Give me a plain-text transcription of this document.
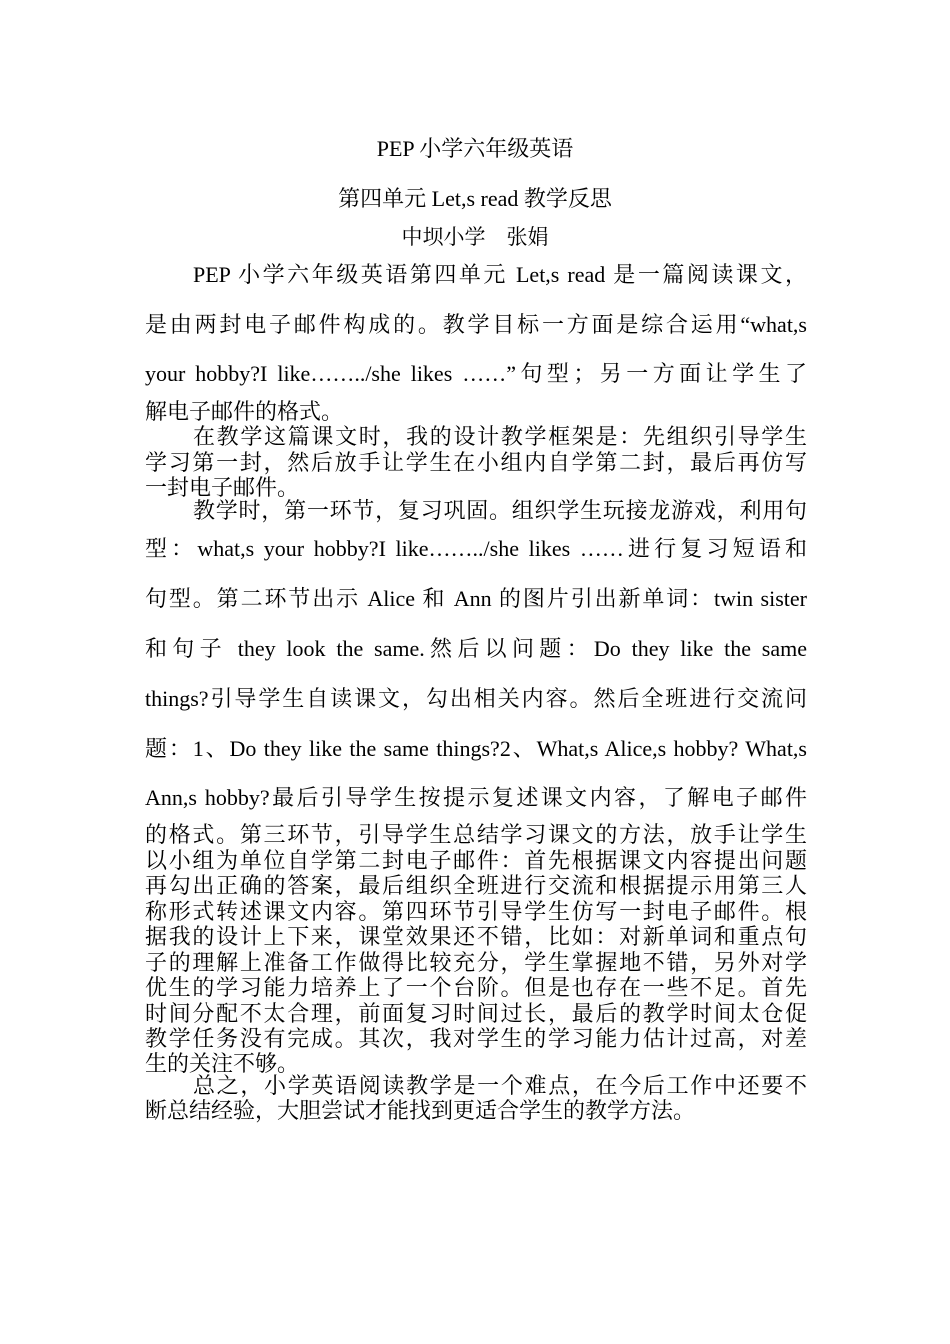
PEP 小学六年级英语
第四单元 Let,s read 教学反思
中坝小学　张娟
PEP 小学六年级英语第四单元 Let,s read 是一篇阅读课文，
是由两封电子邮件构成的。教学目标一方面是综合运用“what,s
your hobby?I like……../she likes ……”句型；另一方面让学生了
解电子邮件的格式。
在教学这篇课文时，我的设计教学框架是：先组织引导学生
学习第一封，然后放手让学生在小组内自学第二封，最后再仿写
一封电子邮件。
教学时，第一环节，复习巩固。组织学生玩接龙游戏，利用句
型：what,s your hobby?I like……../she likes ……进行复习短语和
句型。第二环节出示 Alice 和 Ann 的图片引出新单词：twin sister
和句子 they look the same.然后以问题：Do they like the same
things?引导学生自读课文，勾出相关内容。然后全班进行交流问
题：1、Do they like the same things?2、What,s Alice,s hobby? What,s
Ann,s hobby?最后引导学生按提示复述课文内容，了解电子邮件
的格式。第三环节，引导学生总结学习课文的方法，放手让学生
以小组为单位自学第二封电子邮件：首先根据课文内容提出问题
再勾出正确的答案，最后组织全班进行交流和根据提示用第三人
称形式转述课文内容。第四环节引导学生仿写一封电子邮件。根
据我的设计上下来，课堂效果还不错，比如：对新单词和重点句
子的理解上准备工作做得比较充分，学生掌握地不错，另外对学
优生的学习能力培养上了一个台阶。但是也存在一些不足。首先
时间分配不太合理，前面复习时间过长，最后的教学时间太仓促
教学任务没有完成。其次，我对学生的学习能力估计过高，对差
生的关注不够。
总之，小学英语阅读教学是一个难点，在今后工作中还要不
断总结经验，大胆尝试才能找到更适合学生的教学方法。
